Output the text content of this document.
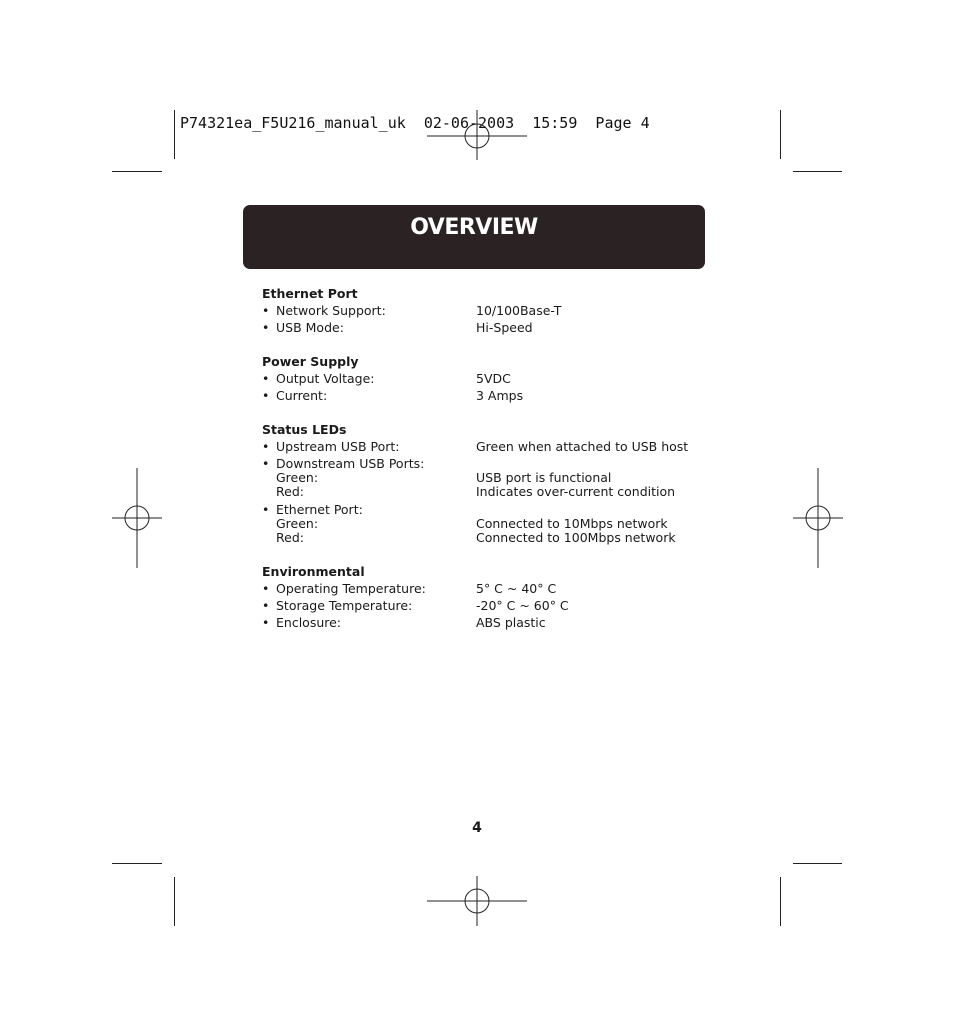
P74321ea_F5U216_manual_uk  02-06-2003  15:59  Page 4
OVERVIEW
Ethernet Port
• Network Support:	10/100Base-T
• USB Mode:	Hi-Speed
Power Supply
• Output Voltage:	5VDC
• Current:	3 Amps
Status LEDs
• Upstream USB Port:	Green when attached to USB host
• Downstream USB Ports:
Green:	USB port is functional
Red:	Indicates over-current condition
• Ethernet Port:
Green:	Connected to 10Mbps network
Red:	Connected to 100Mbps network
Environmental
• Operating Temperature:	5° C ~ 40° C
• Storage Temperature:	-20° C ~ 60° C
• Enclosure:	ABS plastic
4
